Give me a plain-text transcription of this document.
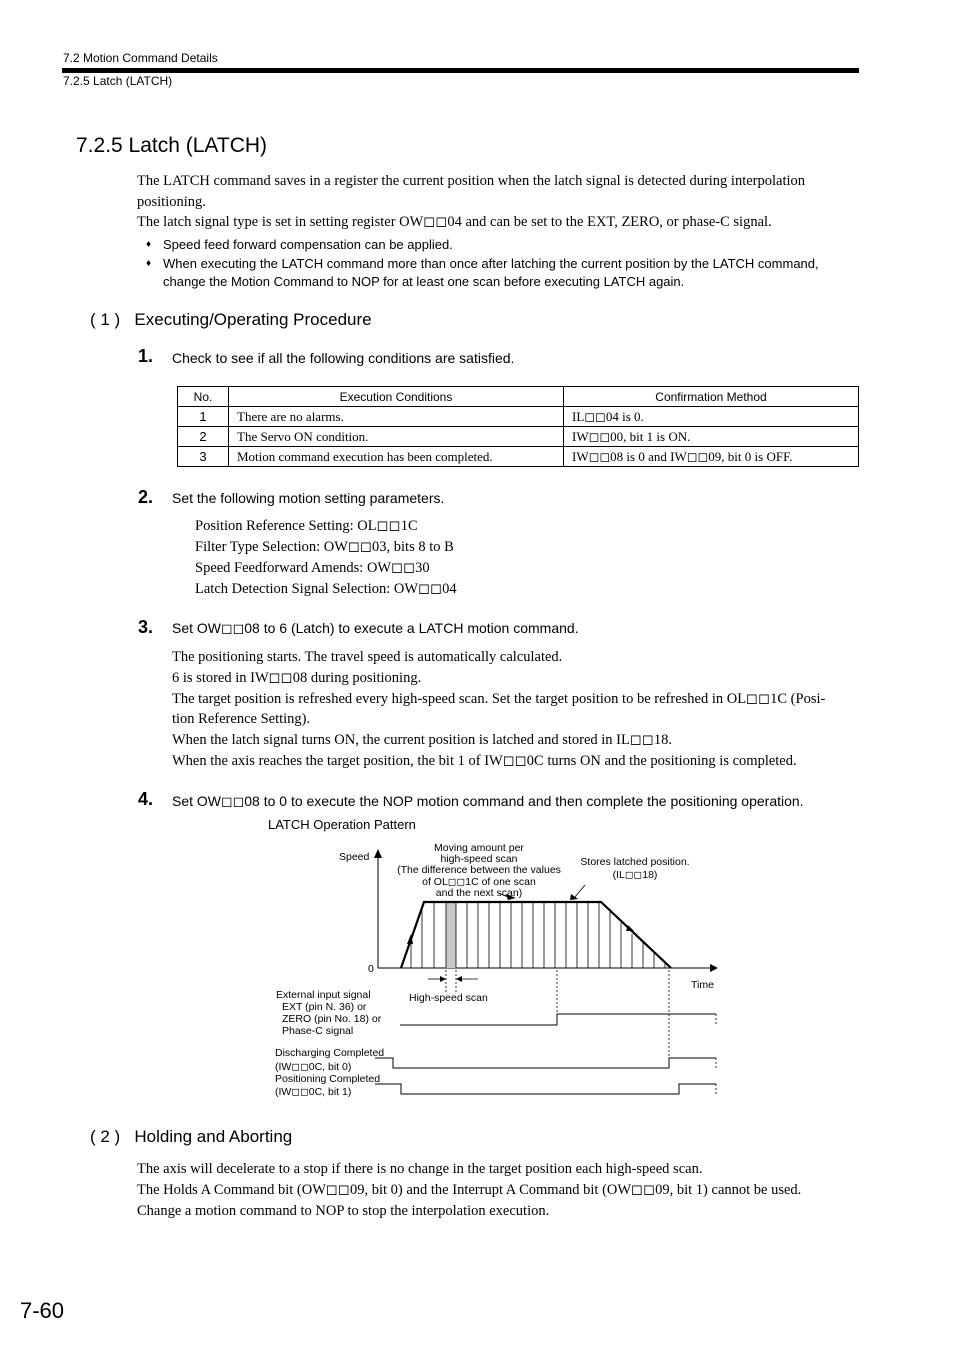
7.2 Motion Command Details
7.2.5 Latch (LATCH)
7.2.5 Latch (LATCH)
The LATCH command saves in a register the current position when the latch signal is detected during interpolation
positioning.
The latch signal type is set in setting register OW◻◻04 and can be set to the EXT, ZERO, or phase-C signal.
♦ Speed feed forward compensation can be applied.
♦ When executing the LATCH command more than once after latching the current position by the LATCH command,
change the Motion Command to NOP for at least one scan before executing LATCH again.
( 1 ) Executing/Operating Procedure
1. Check to see if all the following conditions are satisfied.
No.	Execution Conditions	Confirmation Method
1	There are no alarms.	IL◻◻04 is 0.
2	The Servo ON condition.	IW◻◻00, bit 1 is ON.
3	Motion command execution has been completed.	IW◻◻08 is 0 and IW◻◻09, bit 0 is OFF.
2. Set the following motion setting parameters.
Position Reference Setting: OL◻◻1C
Filter Type Selection: OW◻◻03, bits 8 to B
Speed Feedforward Amends: OW◻◻30
Latch Detection Signal Selection: OW◻◻04
3. Set OW◻◻08 to 6 (Latch) to execute a LATCH motion command.
The positioning starts. The travel speed is automatically calculated.
6 is stored in IW◻◻08 during positioning.
The target position is refreshed every high-speed scan. Set the target position to be refreshed in OL◻◻1C (Posi-
tion Reference Setting).
When the latch signal turns ON, the current position is latched and stored in IL◻◻18.
When the axis reaches the target position, the bit 1 of IW◻◻0C turns ON and the positioning is completed.
4. Set OW◻◻08 to 0 to execute the NOP motion command and then complete the positioning operation.
LATCH Operation Pattern
Speed
0
Time
Moving amount per
high-speed scan
(The difference between the values
of OL◻◻1C of one scan
and the next scan)
Stores latched position.
(IL◻◻18)
High-speed scan
External input signal
EXT (pin N. 36) or
ZERO (pin No. 18) or
Phase-C signal
Discharging Completed
(IW◻◻0C, bit 0)
Positioning Completed
(IW◻◻0C, bit 1)
( 2 ) Holding and Aborting
The axis will decelerate to a stop if there is no change in the target position each high-speed scan.
The Holds A Command bit (OW◻◻09, bit 0) and the Interrupt A Command bit (OW◻◻09, bit 1) cannot be used.
Change a motion command to NOP to stop the interpolation execution.
7-60
